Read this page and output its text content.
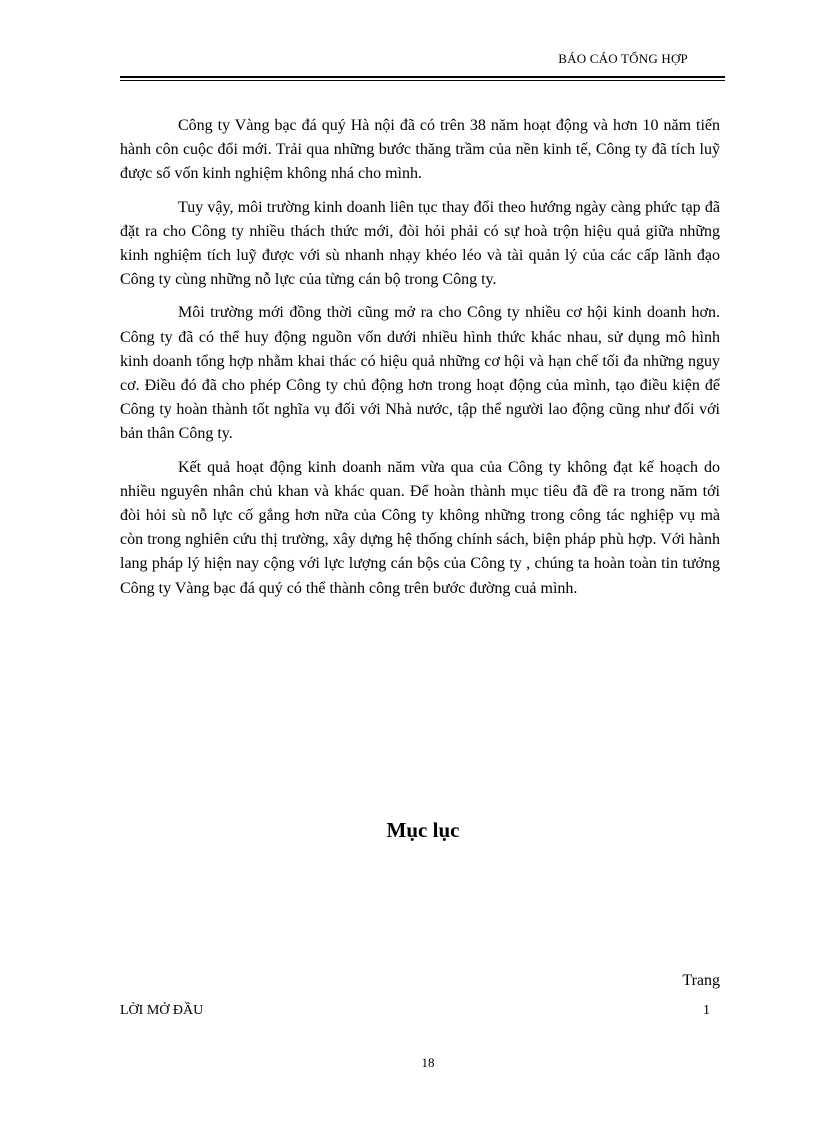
BÁO CÁO TỔNG HỢP

Công ty Vàng bạc đá quý Hà nội đã có trên 38 năm hoạt động và hơn 10 năm tiến hành côn cuộc đổi mới. Trải qua những bước thăng trầm của nền kinh tế, Công ty đã tích luỹ được số vốn kinh nghiệm không nhá cho mình.

Tuy vậy, môi trường kinh doanh liên tục thay đổi theo hướng ngày càng phức tạp đã đặt ra cho Công ty nhiều thách thức mới, đòi hỏi phải có sự hoà trộn hiệu quả giữa những kinh nghiệm tích luỹ được với sù nhanh nhạy khéo léo và tài quản lý của các cấp lãnh đạo Công ty cùng những nỗ lực của từng cán bộ trong Công ty.

Môi trường mới đồng thời cũng mở ra cho Công ty nhiều cơ hội kinh doanh hơn. Công ty đã có thể huy động nguồn vốn dưới nhiều hình thức khác nhau, sử dụng mô hình kinh doanh tổng hợp nhằm khai thác có hiệu quả những cơ hội và hạn chế tối đa những nguy cơ. Điều đó đã cho phép Công ty chủ động hơn trong hoạt động của mình, tạo điều kiện để Công ty hoàn thành tốt nghĩa vụ đối với Nhà nước, tập thể người lao động cũng như đối với bản thân Công ty.

Kết quả hoạt động kinh doanh năm vừa qua của Công ty không đạt kế hoạch do nhiều nguyên nhân chủ khan và khác quan. Để hoàn thành mục tiêu đã đề ra trong năm tới đòi hỏi sù nỗ lực cố gắng hơn nữa của Công ty không những trong công tác nghiệp vụ mà còn trong nghiên cứu thị trường, xây dựng hệ thống chính sách, biện pháp phù hợp. Với hành lang pháp lý hiện nay cộng với lực lượng cán bộs của Công ty , chúng ta hoàn toàn tin tưởng Công ty Vàng bạc đá quý có thể thành công trên bước đường cuả mình.

Mục lục
Trang
LỜI MỞ ĐẦU	1
18
